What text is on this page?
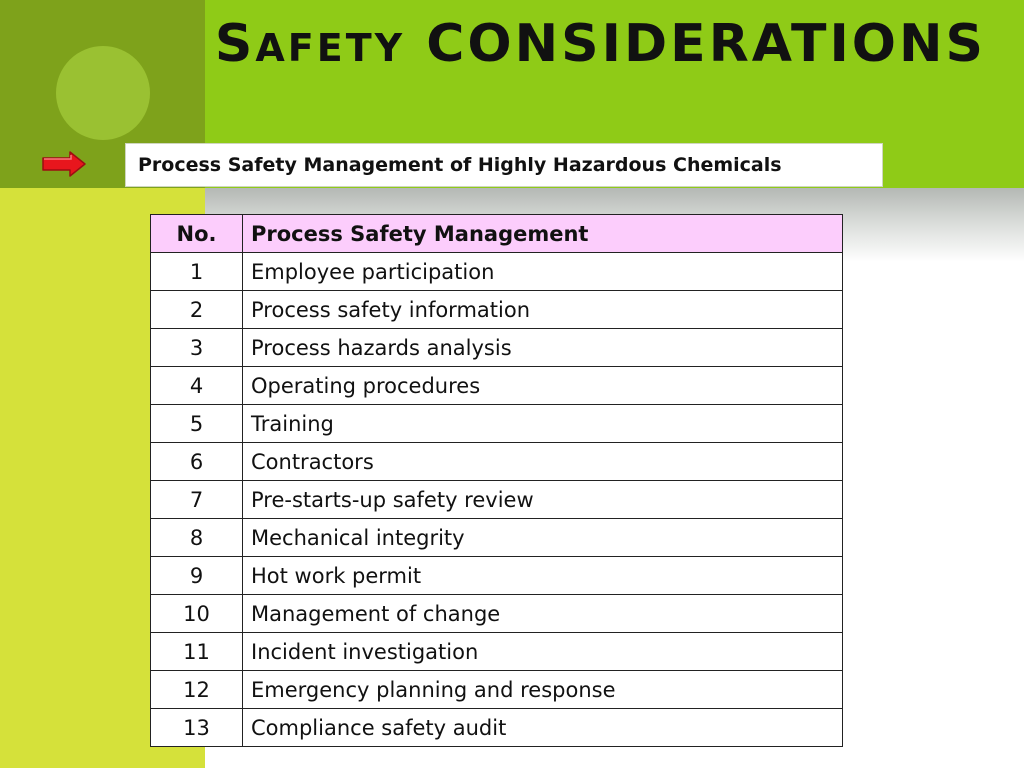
SAFETY CONSIDERATIONS
Process Safety Management of Highly Hazardous Chemicals
No.	Process Safety Management
1	Employee participation
2	Process safety information
3	Process hazards analysis
4	Operating procedures
5	Training
6	Contractors
7	Pre-starts-up safety review
8	Mechanical integrity
9	Hot work permit
10	Management of change
11	Incident investigation
12	Emergency planning and response
13	Compliance safety audit
